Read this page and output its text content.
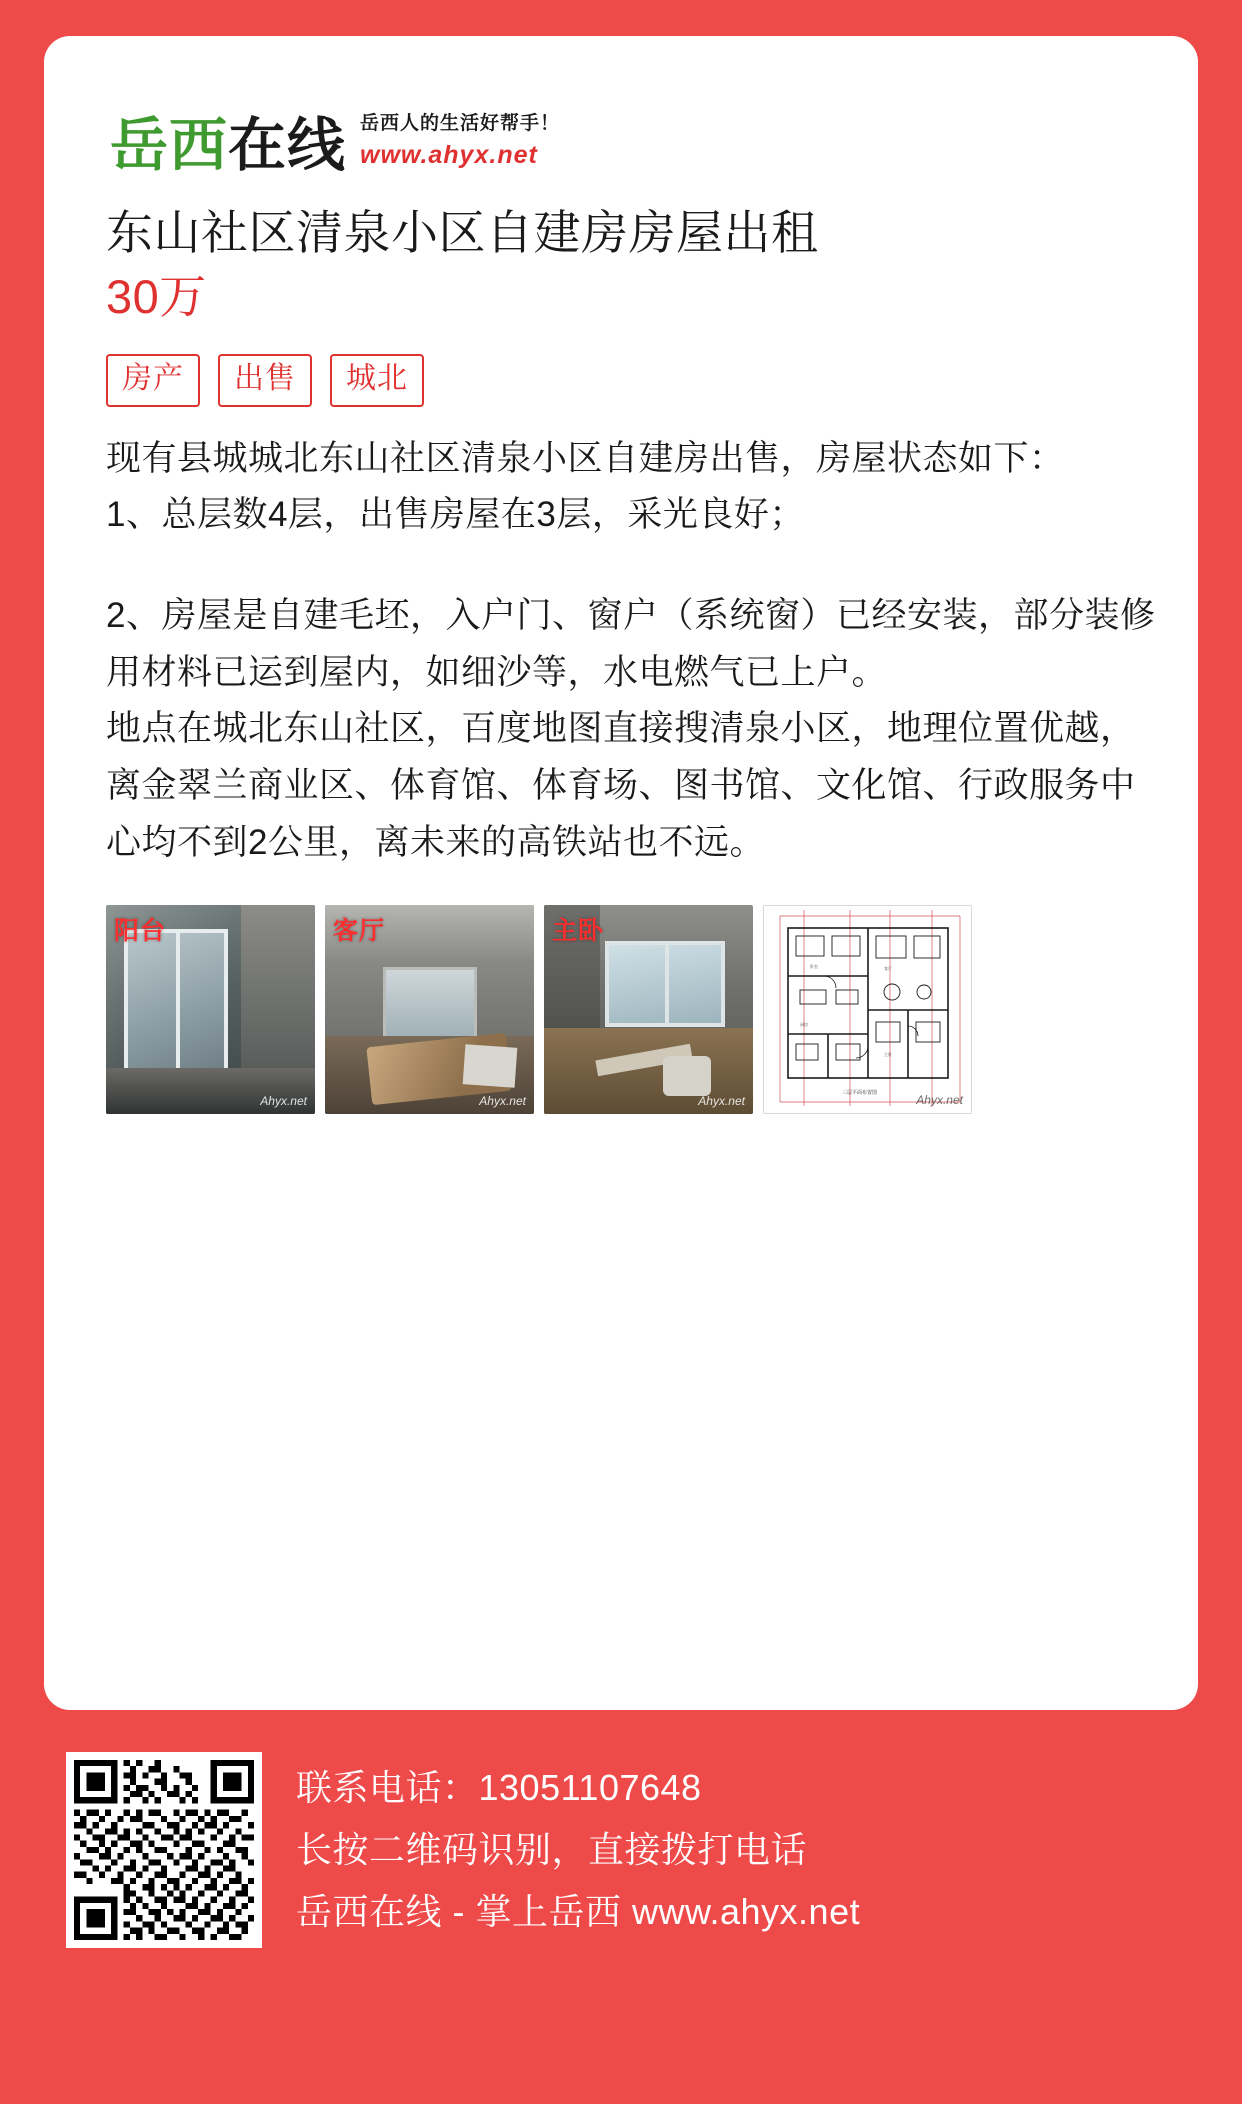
岳西 在线 岳西人的生活好帮手！
www.ahyx.net
东山社区清泉小区自建房房屋出租
30万
房产	出售	城北

现有县城城北东山社区清泉小区自建房出售，房屋状态如下：

1、总层数4层，出售房屋在3层，采光良好；

2、房屋是自建毛坯，入户门、窗户（系统窗）已经安装，部分装修用材料已运到屋内，如细沙等，水电燃气已上户。

地点在城北东山社区，百度地图直接搜清泉小区，地理位置优越，离金翠兰商业区、体育馆、体育场、图书馆、文化馆、行政服务中心均不到2公里，离未来的高铁站也不远。

阳台
Ahyx.net
客厅
Ahyx.net
主卧
Ahyx.net
卧室	客厅
厨房
主卧
三层平面布置图	Ahyx.net
联系电话：13051107648
长按二维码识别，直接拨打电话
岳西在线 - 掌上岳西 www.ahyx.net
